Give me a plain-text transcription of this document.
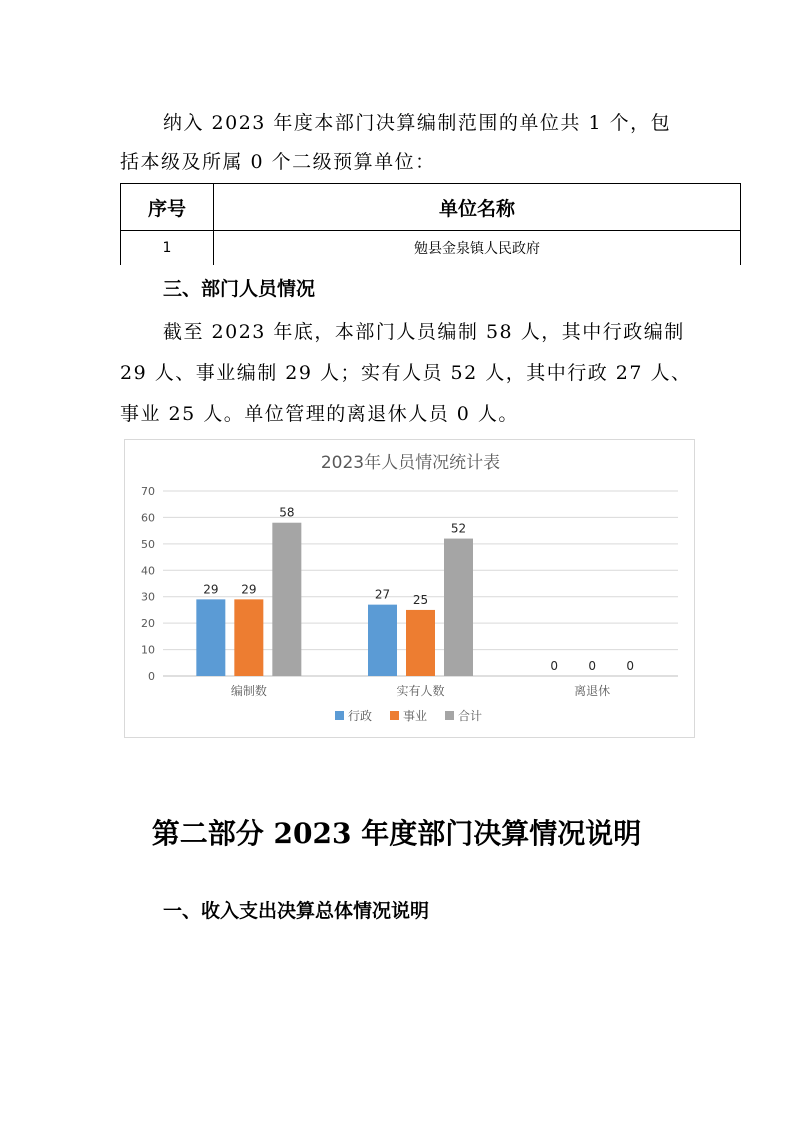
纳入 2023 年度本部门决算编制范围的单位共 1 个，包
括本级及所属 0 个二级预算单位：
序号	单位名称
1	勉县金泉镇人民政府
三、部门人员情况
截至 2023 年底，本部门人员编制 58 人，其中行政编制
29 人、事业编制 29 人；实有人员 52 人，其中行政 27 人、
事业 25 人。单位管理的离退休人员 0 人。
2023年人员情况统计表
0
10
20
30
40
50
60
70
编制数
29 29
58
实有人数
27 25
52
离退休
0	0	0
行政	事业	合计
第二部分 2023 年度部门决算情况说明
一、收入支出决算总体情况说明
